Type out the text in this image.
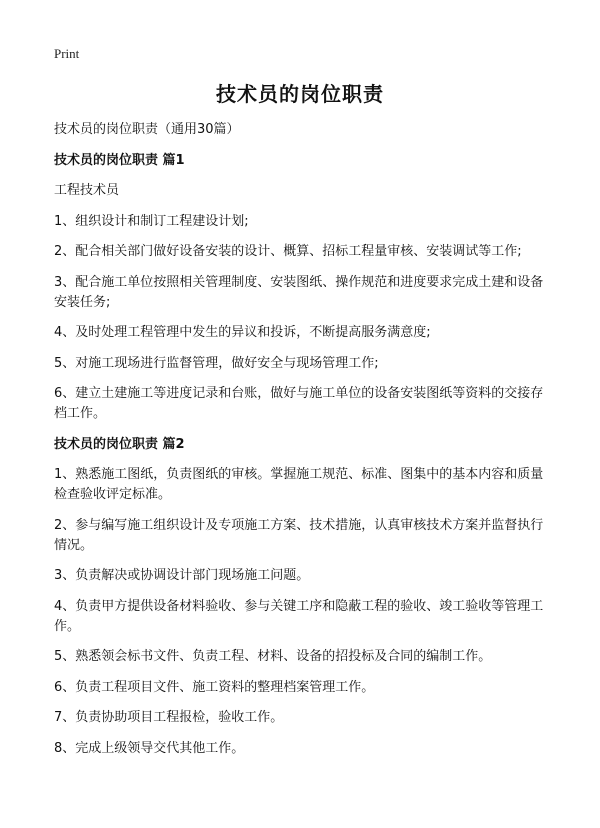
Print
技术员的岗位职责

技术员的岗位职责（通用30篇）

技术员的岗位职责 篇1

工程技术员

1、组织设计和制订工程建设计划;

2、配合相关部门做好设备安装的设计、概算、招标工程量审核、安装调试等工作;

3、配合施工单位按照相关管理制度、安装图纸、操作规范和进度要求完成土建和设备安装任务;

4、及时处理工程管理中发生的异议和投诉，不断提高服务满意度;

5、对施工现场进行监督管理，做好安全与现场管理工作;

6、建立土建施工等进度记录和台账，做好与施工单位的设备安装图纸等资料的交接存档工作。

技术员的岗位职责 篇2

1、熟悉施工图纸，负责图纸的审核。掌握施工规范、标准、图集中的基本内容和质量检查验收评定标准。

2、参与编写施工组织设计及专项施工方案、技术措施，认真审核技术方案并监督执行情况。

3、负责解决或协调设计部门现场施工问题。

4、负责甲方提供设备材料验收、参与关键工序和隐蔽工程的验收、竣工验收等管理工作。

5、熟悉领会标书文件、负责工程、材料、设备的招投标及合同的编制工作。

6、负责工程项目文件、施工资料的整理档案管理工作。

7、负责协助项目工程报检，验收工作。

8、完成上级领导交代其他工作。
